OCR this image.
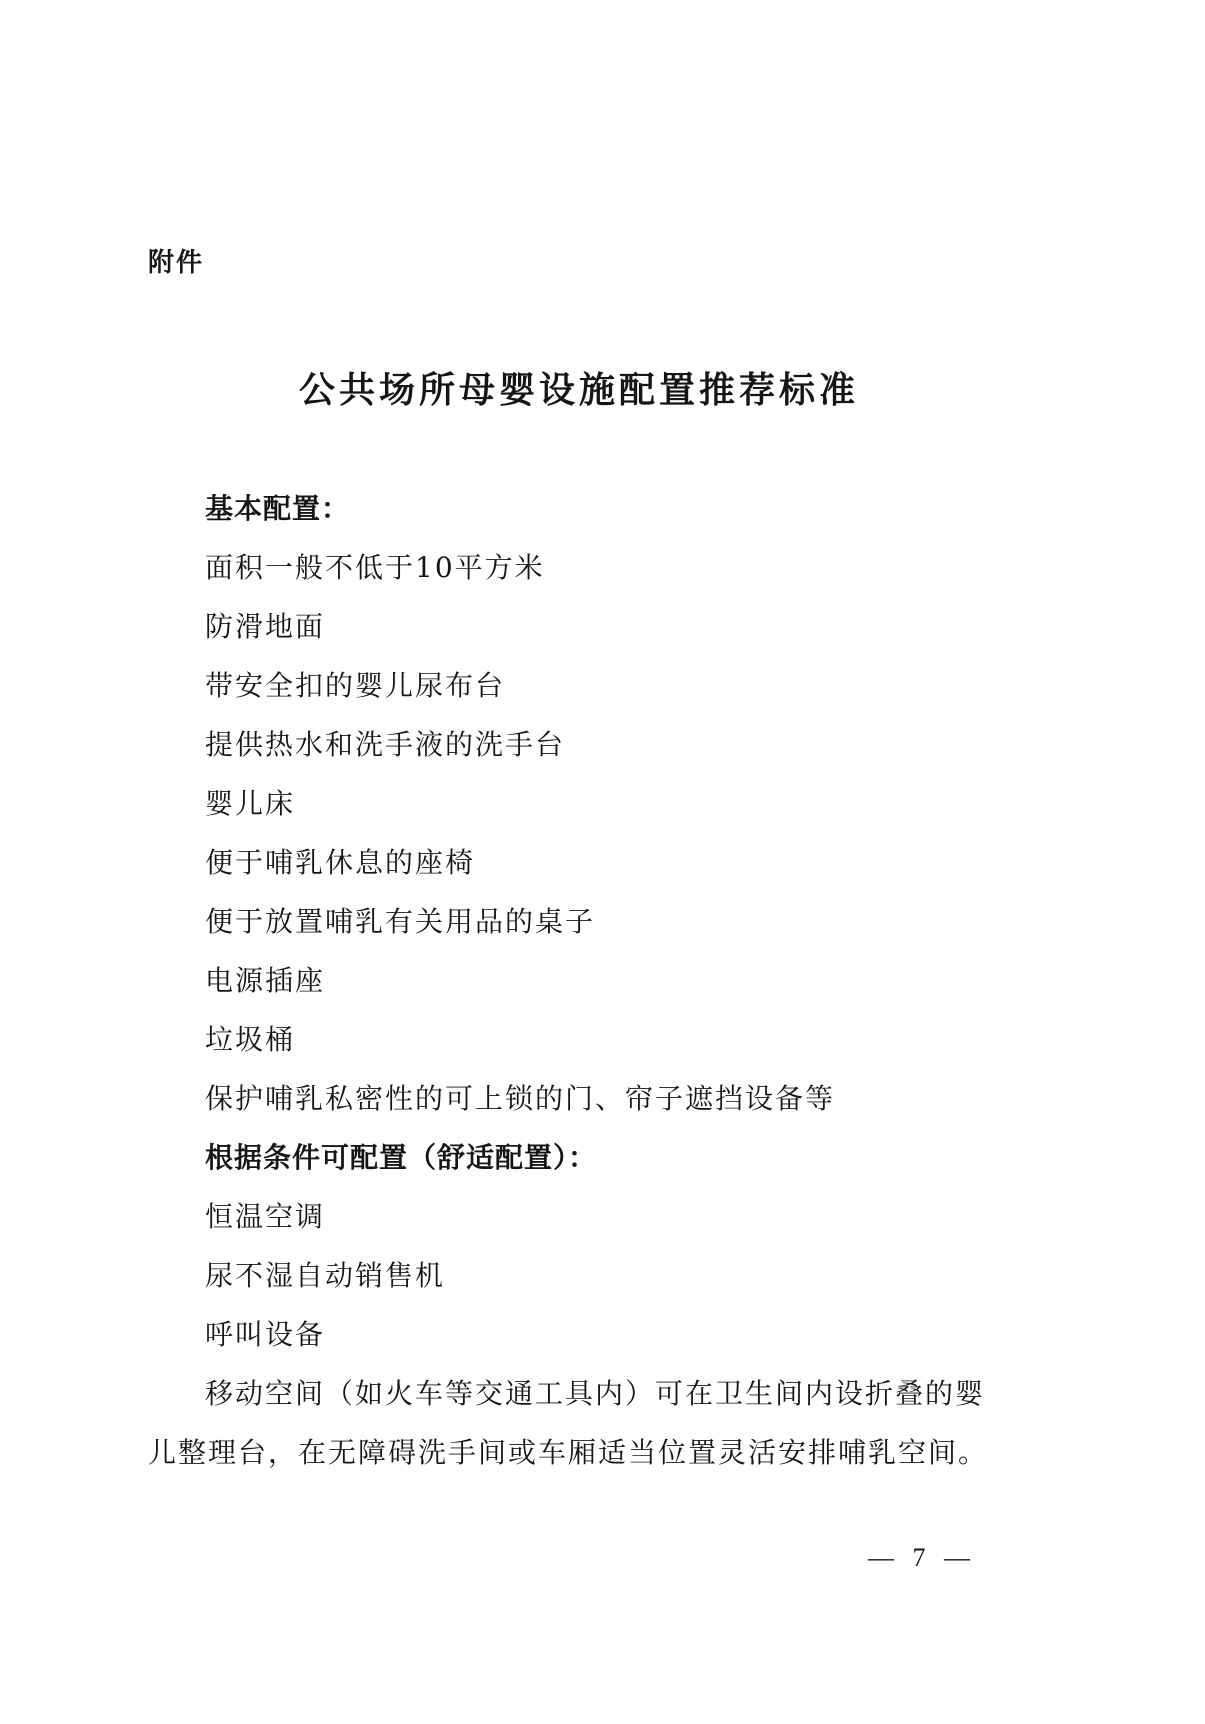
附件
公共场所母婴设施配置推荐标准

基本配置：

面积一般不低于10平方米

防滑地面

带安全扣的婴儿尿布台

提供热水和洗手液的洗手台

婴儿床

便于哺乳休息的座椅

便于放置哺乳有关用品的桌子

电源插座

垃圾桶

保护哺乳私密性的可上锁的门、帘子遮挡设备等

根据条件可配置（舒适配置）：

恒温空调

尿不湿自动销售机

呼叫设备

移动空间（如火车等交通工具内）可在卫生间内设折叠的婴

儿整理台，在无障碍洗手间或车厢适当位置灵活安排哺乳空间。

— 7 —
